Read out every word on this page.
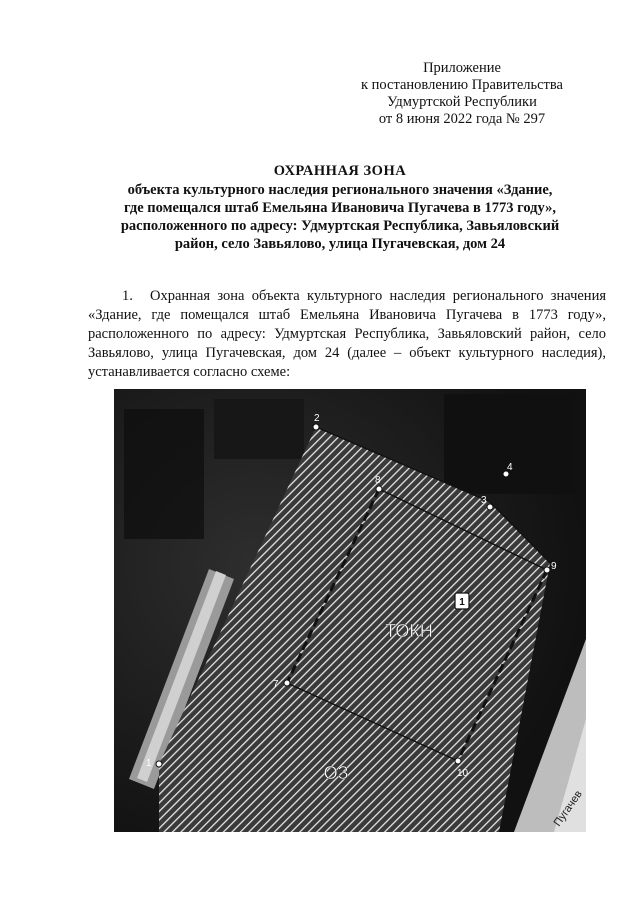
Приложение
к постановлению Правительства
Удмуртской Республики
от 8 июня 2022 года № 297
ОХРАННАЯ ЗОНА
объекта культурного наследия регионального значения «Здание,
где помещался штаб Емельяна Ивановича Пугачева в 1773 году»,
расположенного по адресу: Удмуртская Республика, Завьяловский
район, село Завьялово, улица Пугачевская, дом 24
1. Охранная зона объекта культурного наследия регионального значения «Здание, где помещался штаб Емельяна Ивановича Пугачева в 1773 году», расположенного по адресу: Удмуртская Республика, Завьяловский район, село Завьялово, улица Пугачевская, дом 24 (далее – объект культурного наследия), устанавливается согласно схеме:
1
ТОКН
ОЗ
Пугачев
1
2
3
4
7
8
9
10
